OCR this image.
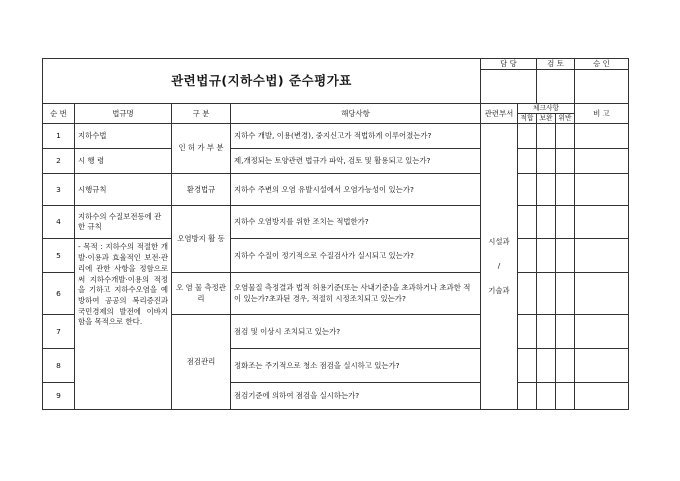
관련법규(지하수법) 준수평가표				담 당		검 토		승 인

순 번	법규명	구 분	해당사항	관련부서	체크사항			비 고
					적합	보완	위반	
1	지하수법	인 허 가 부 분	지하수 개발, 이용(변경), 중지신고가 적법하게 이루어졌는가?	시설과
/
기술과				

2	시 행 령		제,개정되는 토양관련 법규가 파악, 검토 및 활용되고 있는가?					
3	시행규칙	환경법규	지하수 주변의 오염 유발시설에서 오염가능성이 있는가?					
4	지하수의 수질보전등에 관한 규칙	오염방지 활 동	지하수 오염방지를 위한 조치는 적법한가?					
5	- 목적 : 지하수의 적절한 개발·이용과 효율적인 보전·관리에 관한 사항을 정함으로써 지하수개발·이용의 적정을 기하고 지하수오염을 예방하여 공공의 복리증진과 국민경제의 발전에 이바지함을 목적으로 한다.		지하수 수질이 정기적으로 수질검사가 실시되고 있는가?					
6		오 염 물 측정관리	오염물질 측정결과 법적 허용기준(또는 사내기준)을 초과하거나 초과한 적이 있는가?초과된 경우, 적절히 시정조치되고 있는가?					
7		점검관리	점검 및 이상시 조치되고 있는가?					
8			정화조는 주기적으로 청소 점검을 실시하고 있는가?					
9			점검기준에 의하여 점검을 실시하는가?					
